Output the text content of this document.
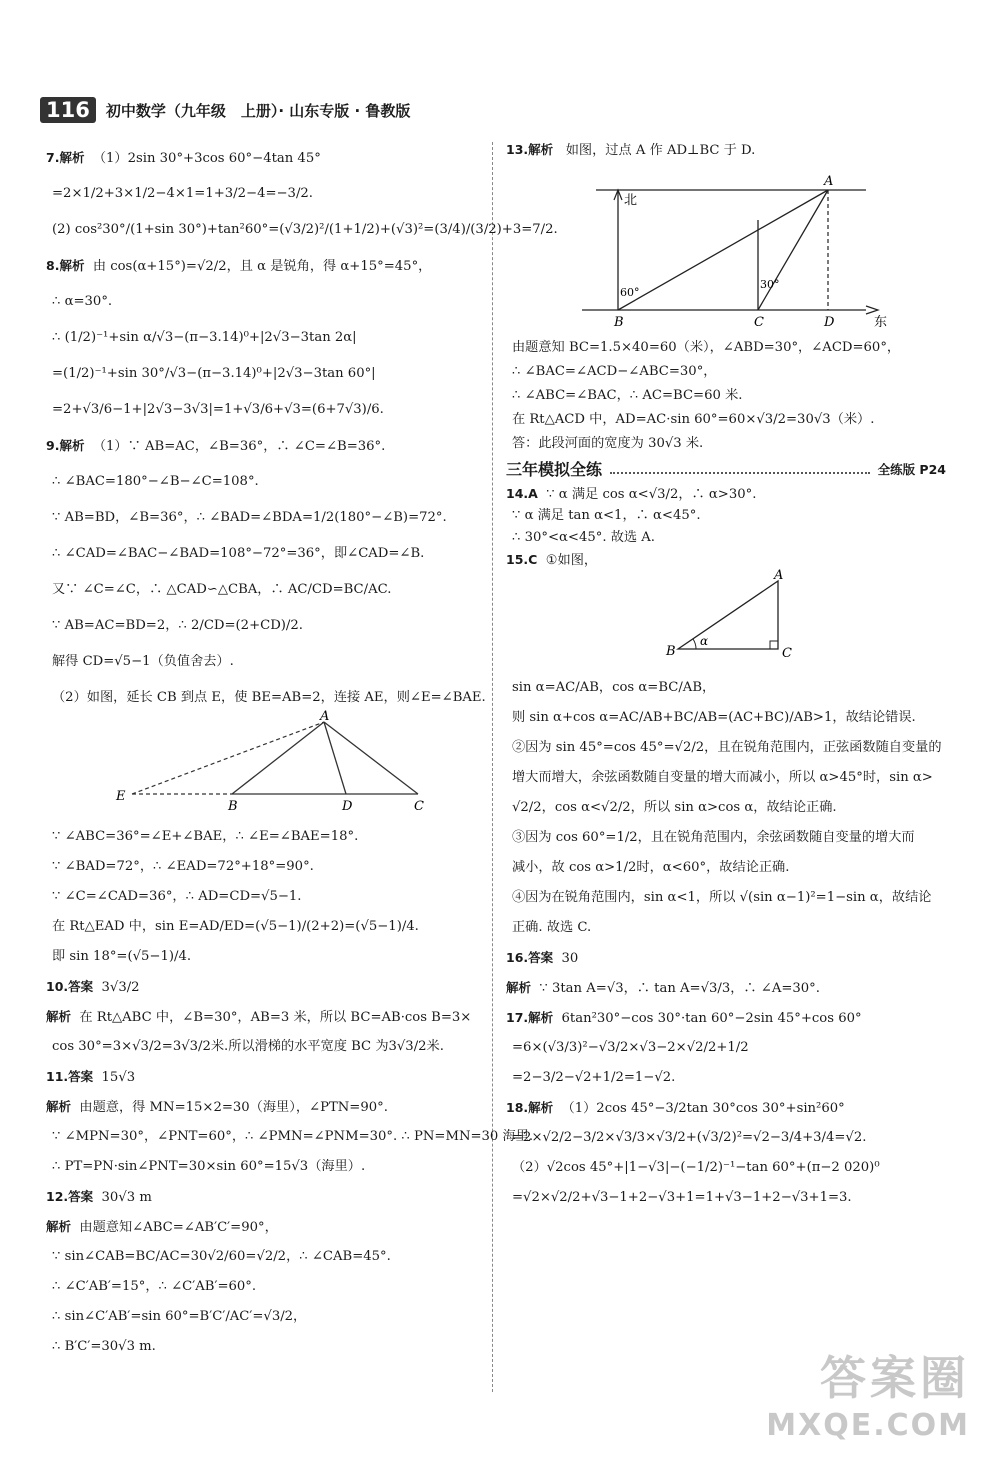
116	初中数学（九年级　上册）· 山东专版 · 鲁教版
7.解析 （1）2sin 30°+3cos 60°−4tan 45°
=2×1/2+3×1/2−4×1=1+3/2−4=−3/2.
(2) cos²30°/(1+sin 30°)+tan²60°=(√3/2)²/(1+1/2)+(√3)²=(3/4)/(3/2)+3=7/2.
8.解析 由 cos(α+15°)=√2/2，且 α 是锐角，得 α+15°=45°，
∴ α=30°.
∴ (1/2)⁻¹+sin α/√3−(π−3.14)⁰+|2√3−3tan 2α|
=(1/2)⁻¹+sin 30°/√3−(π−3.14)⁰+|2√3−3tan 60°|
=2+√3/6−1+|2√3−3√3|=1+√3/6+√3=(6+7√3)/6.
9.解析 （1）∵ AB=AC，∠B=36°，∴ ∠C=∠B=36°.
∴ ∠BAC=180°−∠B−∠C=108°.
∵ AB=BD，∠B=36°，∴ ∠BAD=∠BDA=1/2(180°−∠B)=72°.
∴ ∠CAD=∠BAC−∠BAD=108°−72°=36°，即∠CAD=∠B.
又∵ ∠C=∠C，∴ △CAD∽△CBA，∴ AC/CD=BC/AC.
∵ AB=AC=BD=2，∴ 2/CD=(2+CD)/2.
解得 CD=√5−1（负值舍去）.
（2）如图，延长 CB 到点 E，使 BE=AB=2，连接 AE，则∠E=∠BAE.
A
E
B	D	C
∵ ∠ABC=36°=∠E+∠BAE，∴ ∠E=∠BAE=18°.
∵ ∠BAD=72°，∴ ∠EAD=72°+18°=90°.
∵ ∠C=∠CAD=36°，∴ AD=CD=√5−1.
在 Rt△EAD 中，sin E=AD/ED=(√5−1)/(2+2)=(√5−1)/4.
即 sin 18°=(√5−1)/4.
10.答案 3√3/2
解析 在 Rt△ABC 中，∠B=30°，AB=3 米，所以 BC=AB·cos B=3×
cos 30°=3×√3/2=3√3/2米.所以滑梯的水平宽度 BC 为3√3/2米.
11.答案 15√3
解析 由题意，得 MN=15×2=30（海里），∠PTN=90°.
∵ ∠MPN=30°，∠PNT=60°，∴ ∠PMN=∠PNM=30°. ∴ PN=MN=30 海里.
∴ PT=PN·sin∠PNT=30×sin 60°=15√3（海里）.
12.答案 30√3 m
解析 由题意知∠ABC=∠AB′C′=90°，
∵ sin∠CAB=BC/AC=30√2/60=√2/2，∴ ∠CAB=45°.
∴ ∠C′AB′=15°，∴ ∠C′AB′=60°.
∴ sin∠C′AB′=sin 60°=B′C′/AC′=√3/2，
∴ B′C′=30√3 m.
13.解析 如图，过点 A 作 AD⊥BC 于 D.
北
东
A
B	C	D
60°
30°
由题意知 BC=1.5×40=60（米），∠ABD=30°，∠ACD=60°，
∴ ∠BAC=∠ACD−∠ABC=30°，
∴ ∠ABC=∠BAC，∴ AC=BC=60 米.
在 Rt△ACD 中，AD=AC·sin 60°=60×√3/2=30√3（米）.
答：此段河面的宽度为 30√3 米.
三年模拟全练	全练版 P24
14.A ∵ α 满足 cos α<√3/2，∴ α>30°.
∵ α 满足 tan α<1，∴ α<45°.
∴ 30°<α<45°. 故选 A.
15.C ①如图，
A
B	C
α
sin α=AC/AB，cos α=BC/AB，
则 sin α+cos α=AC/AB+BC/AB=(AC+BC)/AB>1，故结论错误.
②因为 sin 45°=cos 45°=√2/2，且在锐角范围内，正弦函数随自变量的
增大而增大，余弦函数随自变量的增大而减小，所以 α>45°时，sin α>
√2/2，cos α<√2/2，所以 sin α>cos α，故结论正确.
③因为 cos 60°=1/2，且在锐角范围内，余弦函数随自变量的增大而
减小，故 cos α>1/2时，α<60°，故结论正确.
④因为在锐角范围内，sin α<1，所以 √(sin α−1)²=1−sin α，故结论
正确. 故选 C.
16.答案 30
解析 ∵ 3tan A=√3，∴ tan A=√3/3，∴ ∠A=30°.
17.解析 6tan²30°−cos 30°·tan 60°−2sin 45°+cos 60°
=6×(√3/3)²−√3/2×√3−2×√2/2+1/2
=2−3/2−√2+1/2=1−√2.
18.解析 （1）2cos 45°−3/2tan 30°cos 30°+sin²60°
=2×√2/2−3/2×√3/3×√3/2+(√3/2)²=√2−3/4+3/4=√2.
（2）√2cos 45°+|1−√3|−(−1/2)⁻¹−tan 60°+(π−2 020)⁰
=√2×√2/2+√3−1+2−√3+1=1+√3−1+2−√3+1=3.
答案圈
MXQE.COM
